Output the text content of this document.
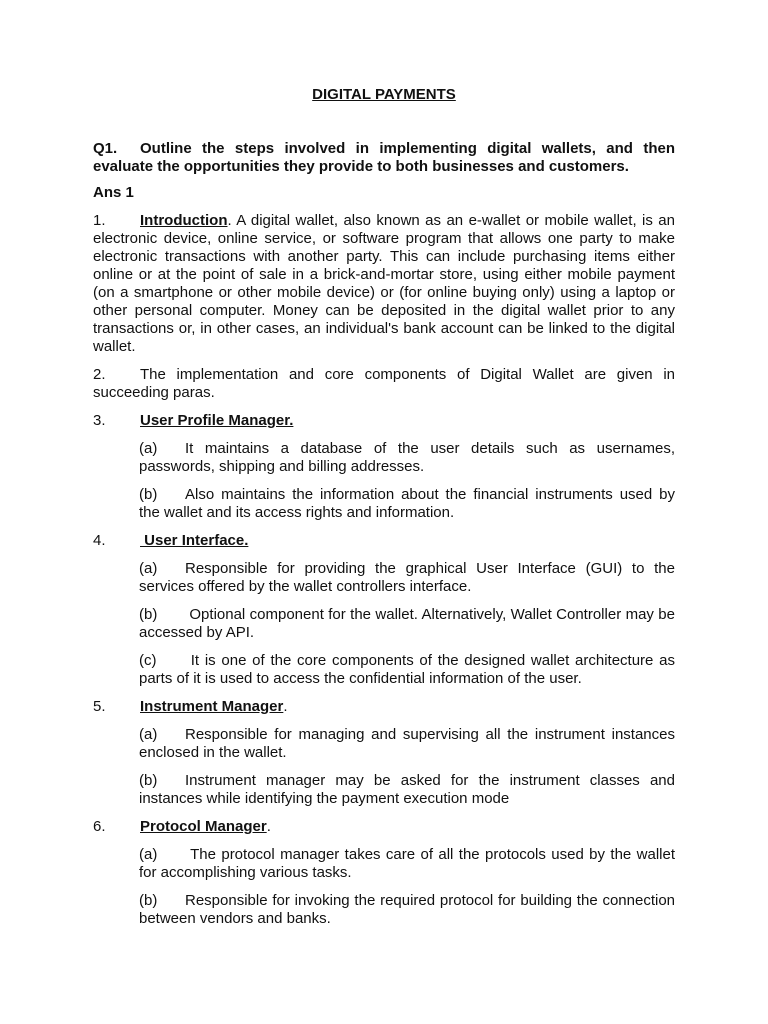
DIGITAL PAYMENTS
Q1. Outline the steps involved in implementing digital wallets, and then evaluate the opportunities they provide to both businesses and customers.
Ans 1
1. Introduction. A digital wallet, also known as an e-wallet or mobile wallet, is an electronic device, online service, or software program that allows one party to make electronic transactions with another party. This can include purchasing items either online or at the point of sale in a brick-and-mortar store, using either mobile payment (on a smartphone or other mobile device) or (for online buying only) using a laptop or other personal computer. Money can be deposited in the digital wallet prior to any transactions or, in other cases, an individual's bank account can be linked to the digital wallet.
2. The implementation and core components of Digital Wallet are given in succeeding paras.
3. User Profile Manager.
(a) It maintains a database of the user details such as usernames, passwords, shipping and billing addresses.
(b) Also maintains the information about the financial instruments used by the wallet and its access rights and information.
4. User Interface.
(a) Responsible for providing the graphical User Interface (GUI) to the services offered by the wallet controllers interface.
(b) Optional component for the wallet. Alternatively, Wallet Controller may be accessed by API.
(c) It is one of the core components of the designed wallet architecture as parts of it is used to access the confidential information of the user.
5. Instrument Manager.
(a) Responsible for managing and supervising all the instrument instances enclosed in the wallet.
(b) Instrument manager may be asked for the instrument classes and instances while identifying the payment execution mode
6. Protocol Manager.
(a) The protocol manager takes care of all the protocols used by the wallet for accomplishing various tasks.
(b) Responsible for invoking the required protocol for building the connection between vendors and banks.
